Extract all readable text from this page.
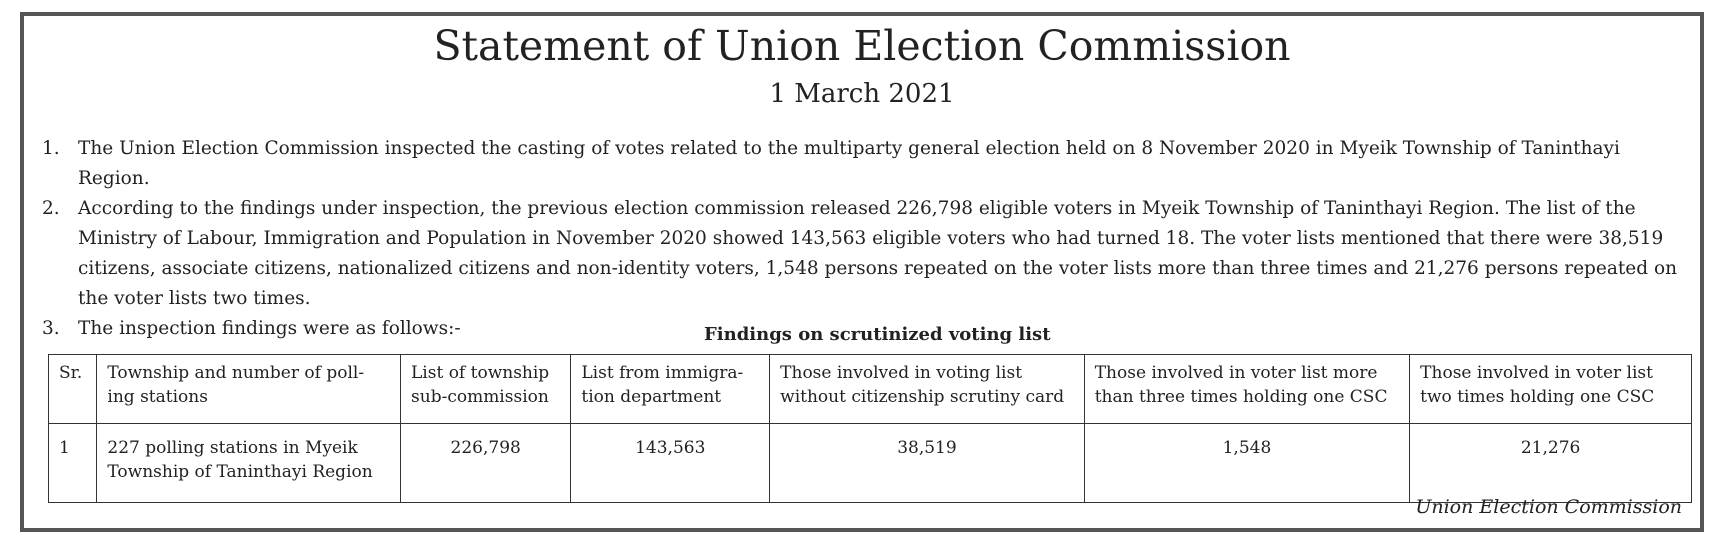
Statement of Union Election Commission
1 March 2021
1. The Union Election Commission inspected the casting of votes related to the multiparty general election held on 8 November 2020 in Myeik Township of Taninthayi Region.
2. According to the findings under inspection, the previous election commission released 226,798 eligible voters in Myeik Township of Taninthayi Region. The list of the Ministry of Labour, Immigration and Population in November 2020 showed 143,563 eligible voters who had turned 18. The voter lists mentioned that there were 38,519 citizens, associate citizens, nationalized citizens and non-identity voters, 1,548 persons repeated on the voter lists more than three times and 21,276 persons repeated on the voter lists two times.
3. The inspection findings were as follows:-	Findings on scrutinized voting list
Sr.	Township and number of poll-ing stations	List of township sub-commission	List from immigra-tion department	Those involved in voting list without citizenship scrutiny card	Those involved in voter list more than three times holding one CSC	Those involved in voter list two times holding one CSC
1	227 polling stations in Myeik Township of Taninthayi Region	226,798	143,563	38,519	1,548	21,276
Union Election Commission
